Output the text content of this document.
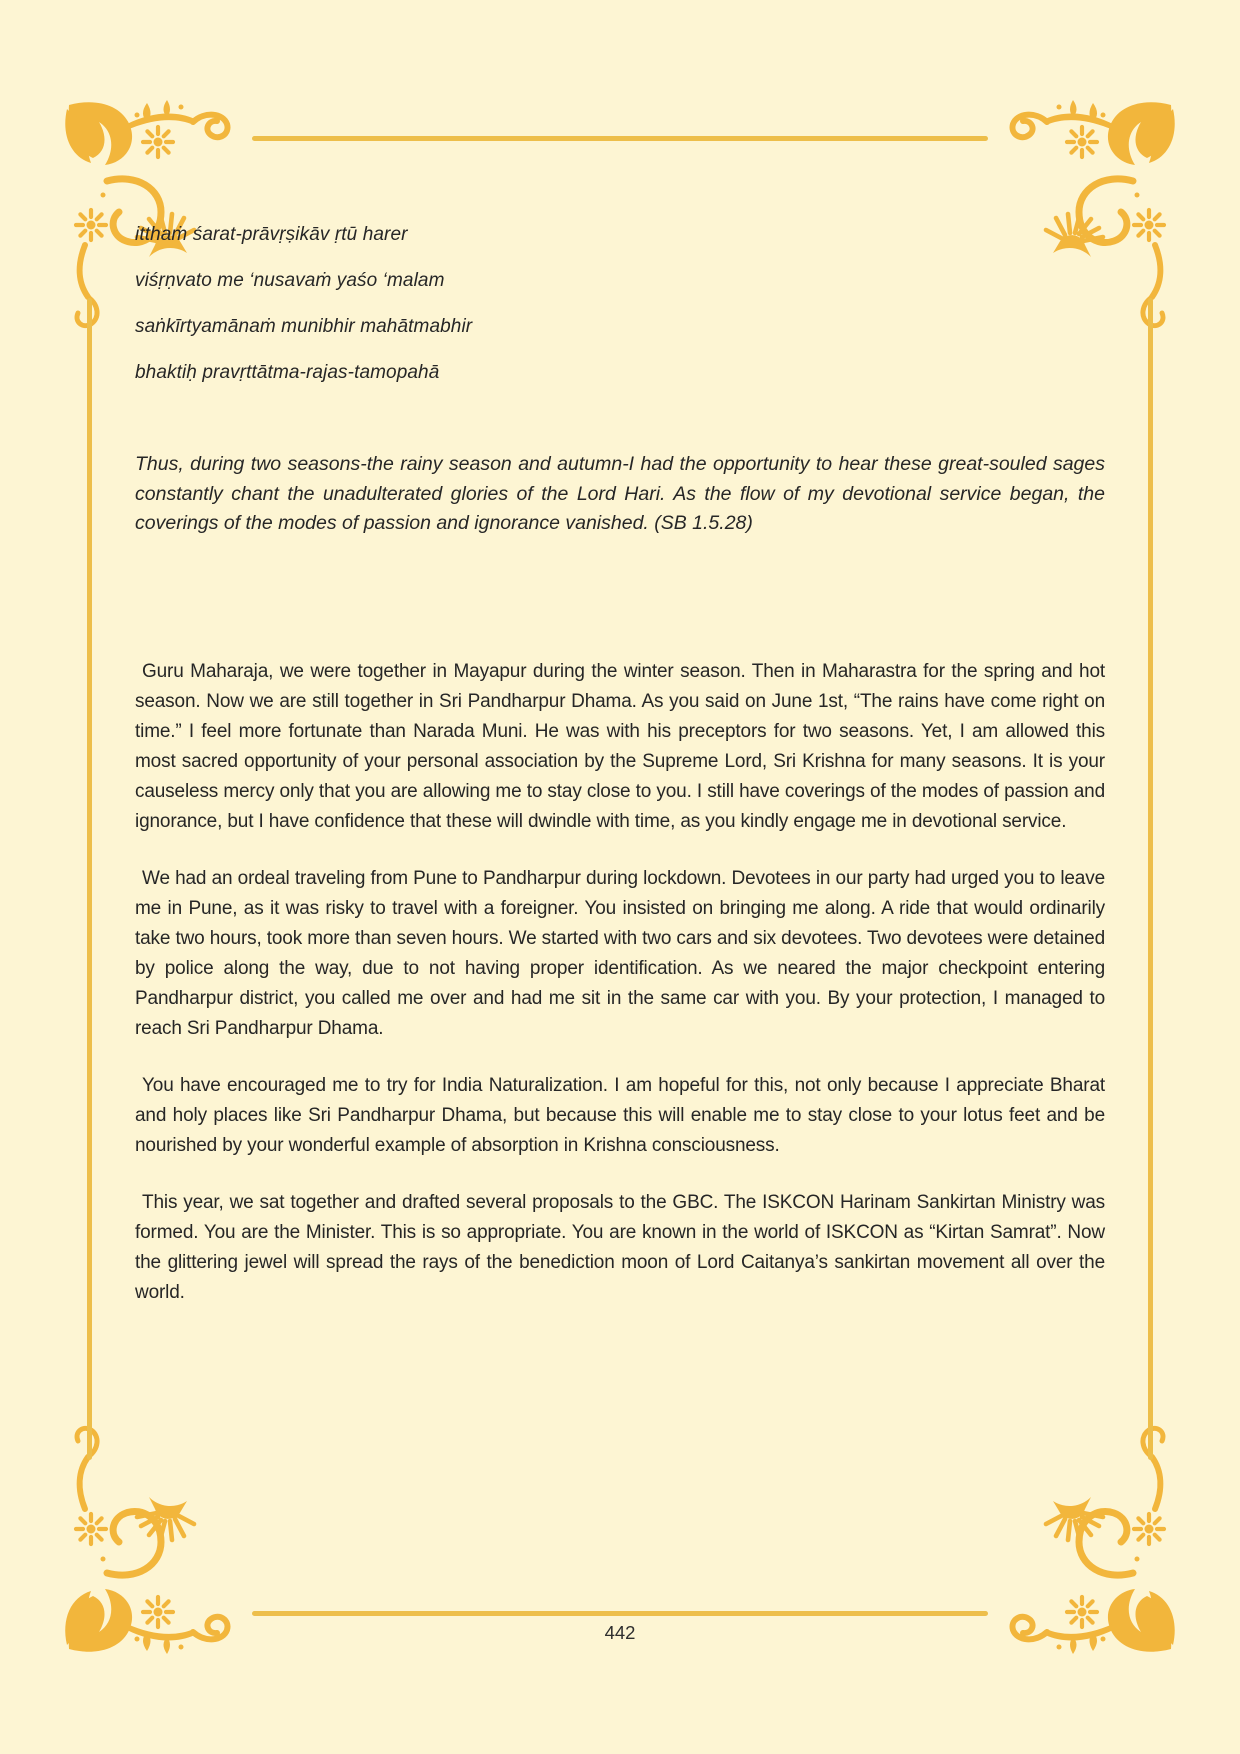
itthaṁ śarat-prāvṛṣikāv ṛtū harer
viśṛṇvato me ‘nusavaṁ yaśo ‘malam
saṅkīrtyamānaṁ munibhir mahātmabhir
bhaktiḥ pravṛttātma-rajas-tamopahā

Thus, during two seasons-the rainy season and autumn-I had the opportunity to hear these great-souled sages constantly chant the unadulterated glories of the Lord Hari. As the flow of my devotional service began, the coverings of the modes of passion and ignorance vanished. (SB 1.5.28)

Guru Maharaja, we were together in Mayapur during the winter season. Then in Maharastra for the spring and hot season. Now we are still together in Sri Pandharpur Dhama. As you said on June 1st, “The rains have come right on time.” I feel more fortunate than Narada Muni. He was with his preceptors for two seasons. Yet, I am allowed this most sacred opportunity of your personal association by the Supreme Lord, Sri Krishna for many seasons. It is your causeless mercy only that you are allowing me to stay close to you. I still have coverings of the modes of passion and ignorance, but I have confidence that these will dwindle with time, as you kindly engage me in devotional service.

We had an ordeal traveling from Pune to Pandharpur during lockdown. Devotees in our party had urged you to leave me in Pune, as it was risky to travel with a foreigner. You insisted on bringing me along. A ride that would ordinarily take two hours, took more than seven hours. We started with two cars and six devotees. Two devotees were detained by police along the way, due to not having proper identification. As we neared the major checkpoint entering Pandharpur district, you called me over and had me sit in the same car with you. By your protection, I managed to reach Sri Pandharpur Dhama.

You have encouraged me to try for India Naturalization. I am hopeful for this, not only because I appreciate Bharat and holy places like Sri Pandharpur Dhama, but because this will enable me to stay close to your lotus feet and be nourished by your wonderful example of absorption in Krishna consciousness.

This year, we sat together and drafted several proposals to the GBC. The ISKCON Harinam Sankirtan Ministry was formed. You are the Minister. This is so appropriate. You are known in the world of ISKCON as “Kirtan Samrat”. Now the glittering jewel will spread the rays of the benediction moon of Lord Caitanya’s sankirtan movement all over the world.

442
